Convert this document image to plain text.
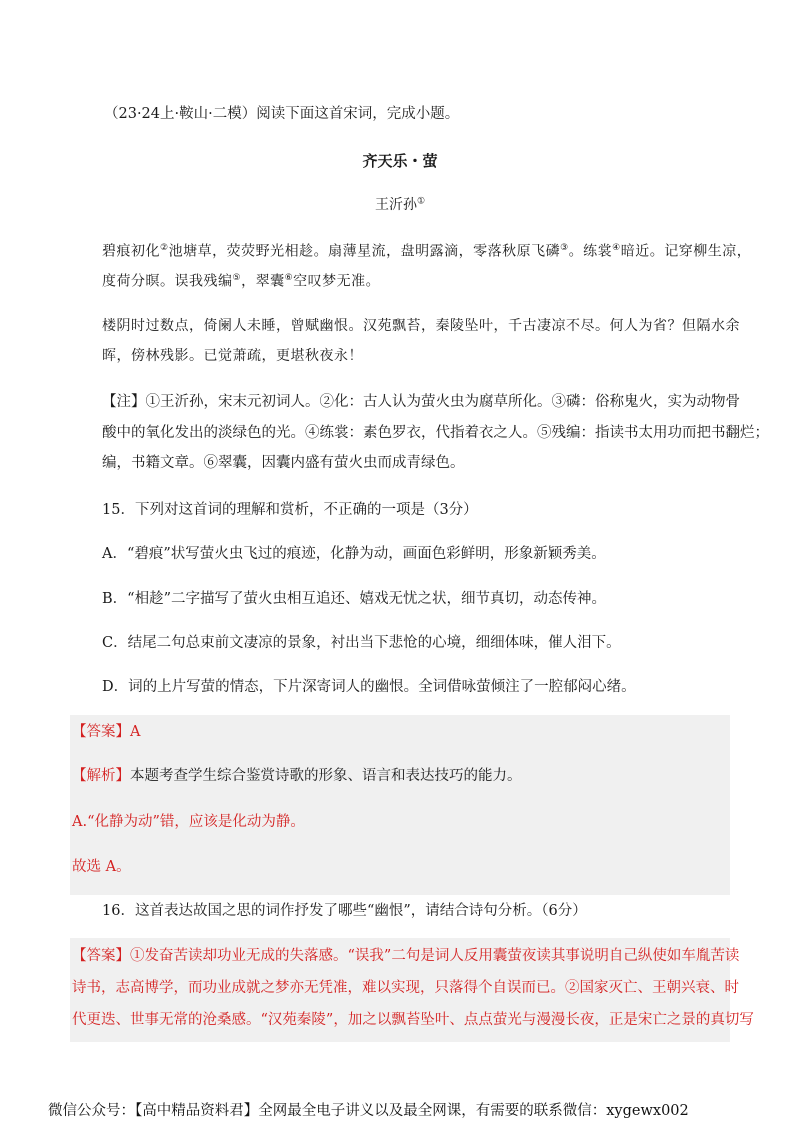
（23·24上·鞍山·二模）阅读下面这首宋词，完成小题。
齐天乐・萤
王沂孙①
碧痕初化②池塘草，荧荧野光相趁。扇薄星流，盘明露滴，零落秋原飞磷③。练裳④暗近。记穿柳生凉，
度荷分暝。误我残编⑤，翠囊⑥空叹梦无准。
楼阴时过数点，倚阑人未睡，曾赋幽恨。汉苑飘苔，秦陵坠叶，千古凄凉不尽。何人为省？但隔水余
晖，傍林残影。已觉萧疏，更堪秋夜永！
【注】①王沂孙，宋末元初词人。②化：古人认为萤火虫为腐草所化。③磷：俗称鬼火，实为动物骨
酸中的氧化发出的淡绿色的光。④练裳：素色罗衣，代指着衣之人。⑤残编：指读书太用功而把书翻烂；
编，书籍文章。⑥翠囊，因囊内盛有萤火虫而成青绿色。
15．下列对这首词的理解和赏析，不正确的一项是（3分）
A．“碧痕”状写萤火虫飞过的痕迹，化静为动，画面色彩鲜明，形象新颖秀美。
B．“相趁”二字描写了萤火虫相互追还、嬉戏无忧之状，细节真切，动态传神。
C．结尾二句总束前文凄凉的景象，衬出当下悲怆的心境，细细体味，催人泪下。
D．词的上片写萤的情态，下片深寄词人的幽恨。全词借咏萤倾注了一腔郁闷心绪。
【答案】A
【解析】本题考查学生综合鉴赏诗歌的形象、语言和表达技巧的能力。
A.“化静为动”错，应该是化动为静。
故选 A。
16．这首表达故国之思的词作抒发了哪些“幽恨”，请结合诗句分析。（6分）
【答案】①发奋苦读却功业无成的失落感。“误我”二句是词人反用囊萤夜读其事说明自己纵使如车胤苦读
诗书，志高博学，而功业成就之梦亦无凭准，难以实现，只落得个自误而已。②国家灭亡、王朝兴衰、时
代更迭、世事无常的沧桑感。“汉苑秦陵”，加之以飘苔坠叶、点点萤光与漫漫长夜，正是宋亡之景的真切写
微信公众号：【高中精品资料君】全网最全电子讲义以及最全网课，有需要的联系微信：xygewx002
